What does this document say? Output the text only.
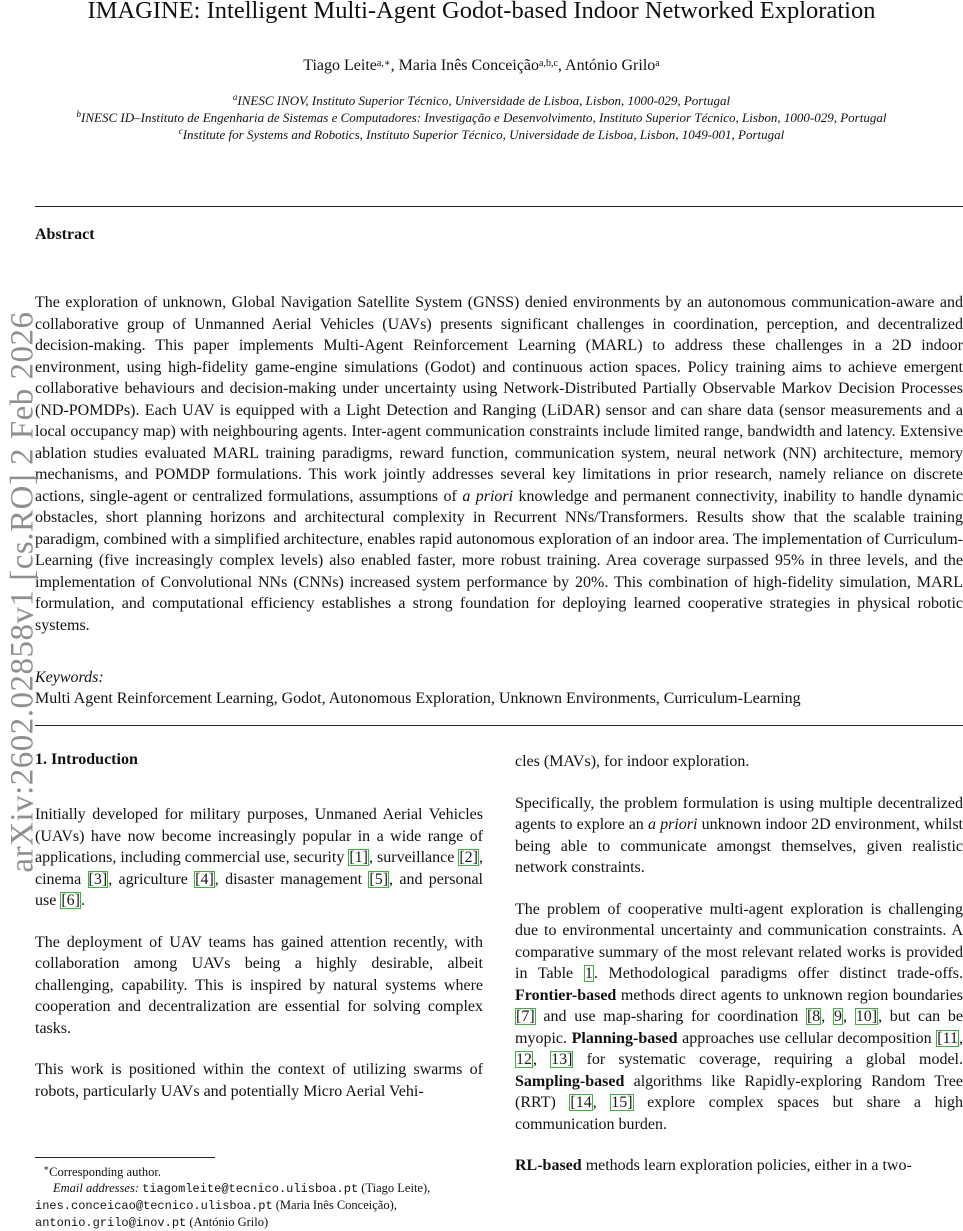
IMAGINE: Intelligent Multi-Agent Godot-based Indoor Networked Exploration
Tiago Leite$^{a,∗}$, Maria Inês Conceição$^{a,b,c}$, António Grilo$^a$
$^a$INESC INOV, Instituto Superior Técnico, Universidade de Lisboa, Lisbon, 1000-029, Portugal
$^b$INESC ID–Instituto de Engenharia de Sistemas e Computadores: Investigação e Desenvolvimento, Instituto Superior Técnico, Lisbon, 1000-029, Portugal
$^c$Institute for Systems and Robotics, Instituto Superior Técnico, Universidade de Lisboa, Lisbon, 1049-001, Portugal
Abstract
The exploration of unknown, Global Navigation Satellite System (GNSS) denied environments by an autonomous communication-aware and collaborative group of Unmanned Aerial Vehicles (UAVs) presents significant challenges in coordination, perception, and decentralized decision-making. This paper implements Multi-Agent Reinforcement Learning (MARL) to address these challenges in a 2D indoor environment, using high-fidelity game-engine simulations (Godot) and continuous action spaces. Policy training aims to achieve emergent collaborative behaviours and decision-making under uncertainty using Network-Distributed Partially Observable Markov Decision Processes (ND-POMDPs). Each UAV is equipped with a Light Detection and Ranging (LiDAR) sensor and can share data (sensor measurements and a local occupancy map) with neighbouring agents. Inter-agent communication constraints include limited range, bandwidth and latency. Extensive ablation studies evaluated MARL training paradigms, reward function, communication system, neural network (NN) architecture, memory mechanisms, and POMDP formulations. This work jointly addresses several key limitations in prior research, namely reliance on discrete actions, single-agent or centralized formulations, assumptions of a priori knowledge and permanent connectivity, inability to handle dynamic obstacles, short planning horizons and architectural complexity in Recurrent NNs/Transformers. Results show that the scalable training paradigm, combined with a simplified architecture, enables rapid autonomous exploration of an indoor area. The implementation of Curriculum-Learning (five increasingly complex levels) also enabled faster, more robust training. Area coverage surpassed 95% in three levels, and the implementation of Convolutional NNs (CNNs) increased system performance by 20%. This combination of high-fidelity simulation, MARL formulation, and computational efficiency establishes a strong foundation for deploying learned cooperative strategies in physical robotic systems.
Keywords:
Multi Agent Reinforcement Learning, Godot, Autonomous Exploration, Unknown Environments, Curriculum-Learning
1. Introduction

Initially developed for military purposes, Unmaned Aerial Vehicles (UAVs) have now become increasingly popular in a wide range of applications, including commercial use, security [1], surveillance [2], cinema [3], agriculture [4], disaster management [5], and personal use [6].

The deployment of UAV teams has gained attention recently, with collaboration among UAVs being a highly desirable, albeit challenging, capability. This is inspired by natural systems where cooperation and decentralization are essential for solving complex tasks.

This work is positioned within the context of utilizing swarms of robots, particularly UAVs and potentially Micro Aerial Vehi-

cles (MAVs), for indoor exploration.

Specifically, the problem formulation is using multiple decentralized agents to explore an a priori unknown indoor 2D environment, whilst being able to communicate amongst themselves, given realistic network constraints.

The problem of cooperative multi-agent exploration is challenging due to environmental uncertainty and communication constraints. A comparative summary of the most relevant related works is provided in Table 1. Methodological paradigms offer distinct trade-offs. Frontier-based methods direct agents to unknown region boundaries [7] and use map-sharing for coordination [8, 9, 10], but can be myopic. Planning-based approaches use cellular decomposition [11, 12, 13] for systematic coverage, requiring a global model. Sampling-based algorithms like Rapidly-exploring Random Tree (RRT) [14, 15] explore complex spaces but share a high communication burden.

RL-based methods learn exploration policies, either in a two-

∗Corresponding author.
Email addresses: tiagomleite@tecnico.ulisboa.pt (Tiago Leite),
ines.conceicao@tecnico.ulisboa.pt (Maria Inês Conceição),
antonio.grilo@inov.pt (António Grilo)
arXiv:2602.02858v1 [cs.RO] 2 Feb 2026
